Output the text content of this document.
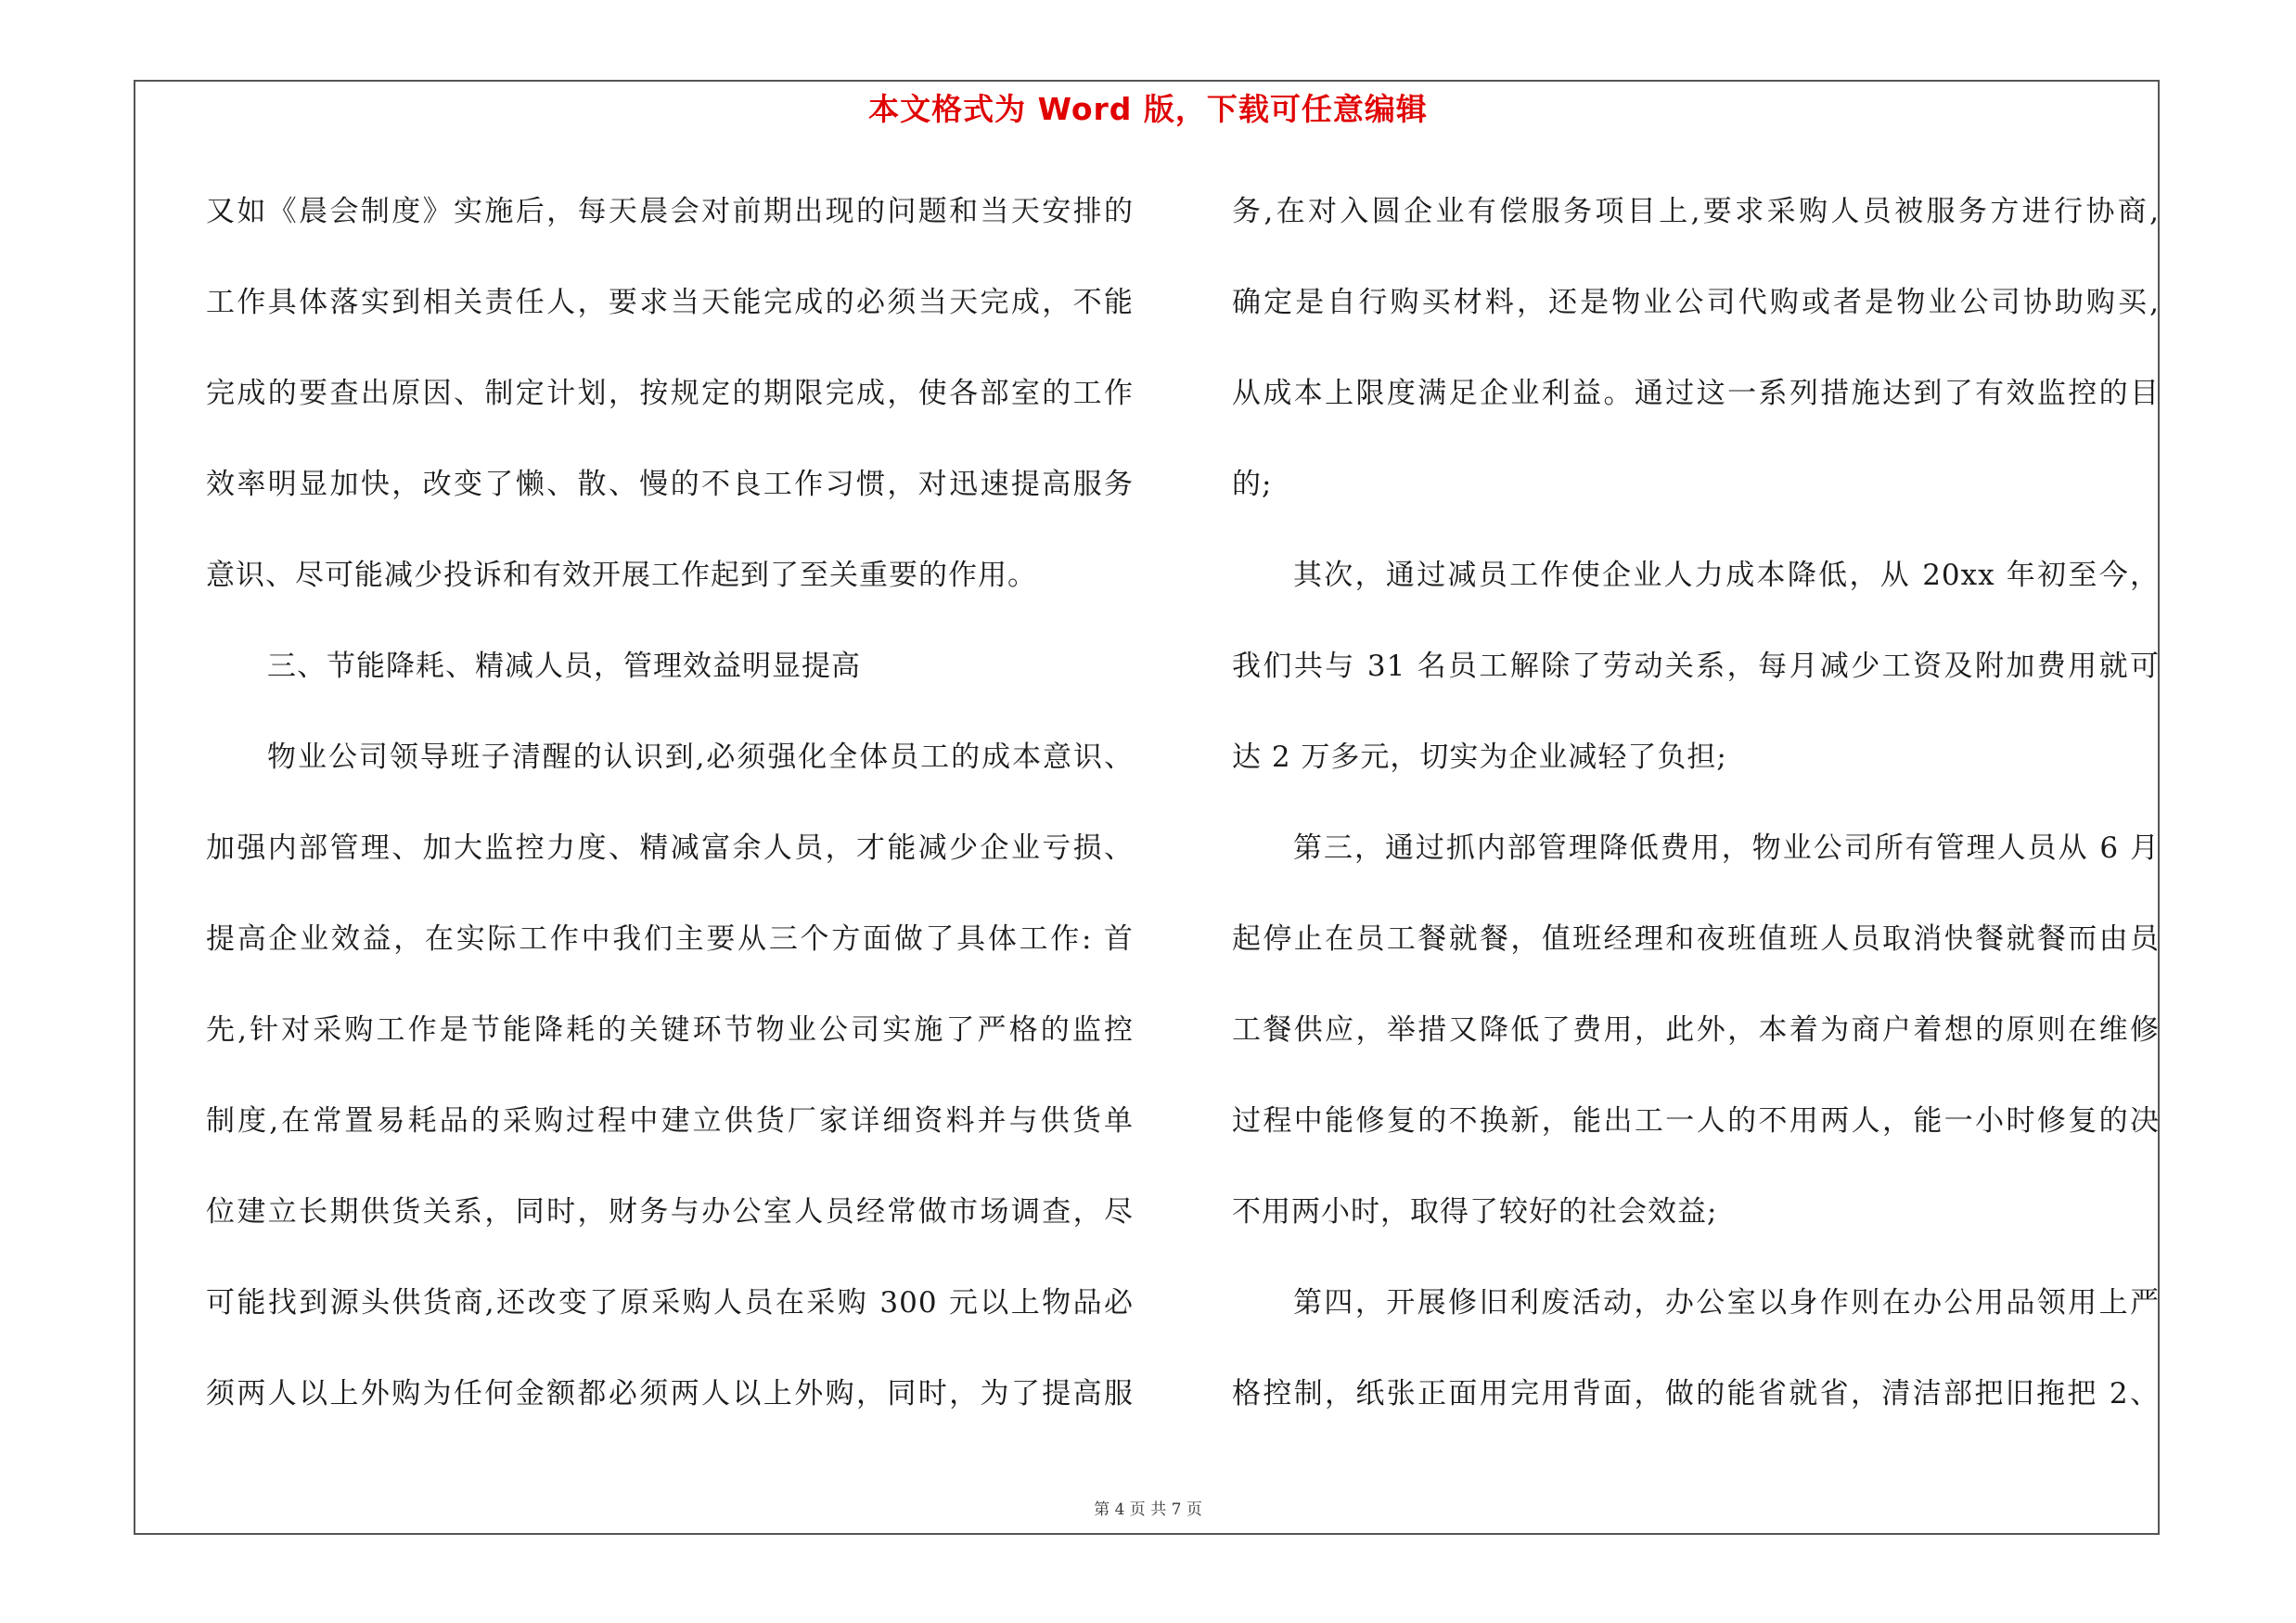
本文格式为 Word 版，下载可任意编辑
又如《晨会制度》实施后，每天晨会对前期出现的问题和当天安排的
工作具体落实到相关责任人，要求当天能完成的必须当天完成，不能
完成的要查出原因、制定计划，按规定的期限完成，使各部室的工作
效率明显加快，改变了懒、散、慢的不良工作习惯，对迅速提高服务
意识、尽可能减少投诉和有效开展工作起到了至关重要的作用。
三、节能降耗、精减人员，管理效益明显提高
物业公司领导班子清醒的认识到,必须强化全体员工的成本意识、
加强内部管理、加大监控力度、精减富余人员，才能减少企业亏损、
提高企业效益，在实际工作中我们主要从三个方面做了具体工作: 首
先,针对采购工作是节能降耗的关键环节物业公司实施了严格的监控
制度,在常置易耗品的采购过程中建立供货厂家详细资料并与供货单
位建立长期供货关系，同时，财务与办公室人员经常做市场调查，尽
可能找到源头供货商,还改变了原采购人员在采购 300 元以上物品必
须两人以上外购为任何金额都必须两人以上外购，同时，为了提高服
务,在对入圆企业有偿服务项目上,要求采购人员被服务方进行协商,
确定是自行购买材料，还是物业公司代购或者是物业公司协助购买,
从成本上限度满足企业利益。通过这一系列措施达到了有效监控的目
的;
其次，通过减员工作使企业人力成本降低，从 20xx 年初至今，
我们共与 31 名员工解除了劳动关系，每月减少工资及附加费用就可
达 2 万多元，切实为企业减轻了负担;
第三，通过抓内部管理降低费用，物业公司所有管理人员从 6 月
起停止在员工餐就餐，值班经理和夜班值班人员取消快餐就餐而由员
工餐供应，举措又降低了费用，此外，本着为商户着想的原则在维修
过程中能修复的不换新，能出工一人的不用两人，能一小时修复的决
不用两小时，取得了较好的社会效益;
第四，开展修旧利废活动，办公室以身作则在办公用品领用上严
格控制，纸张正面用完用背面，做的能省就省，清洁部把旧拖把 2、
第 4 页 共 7 页
